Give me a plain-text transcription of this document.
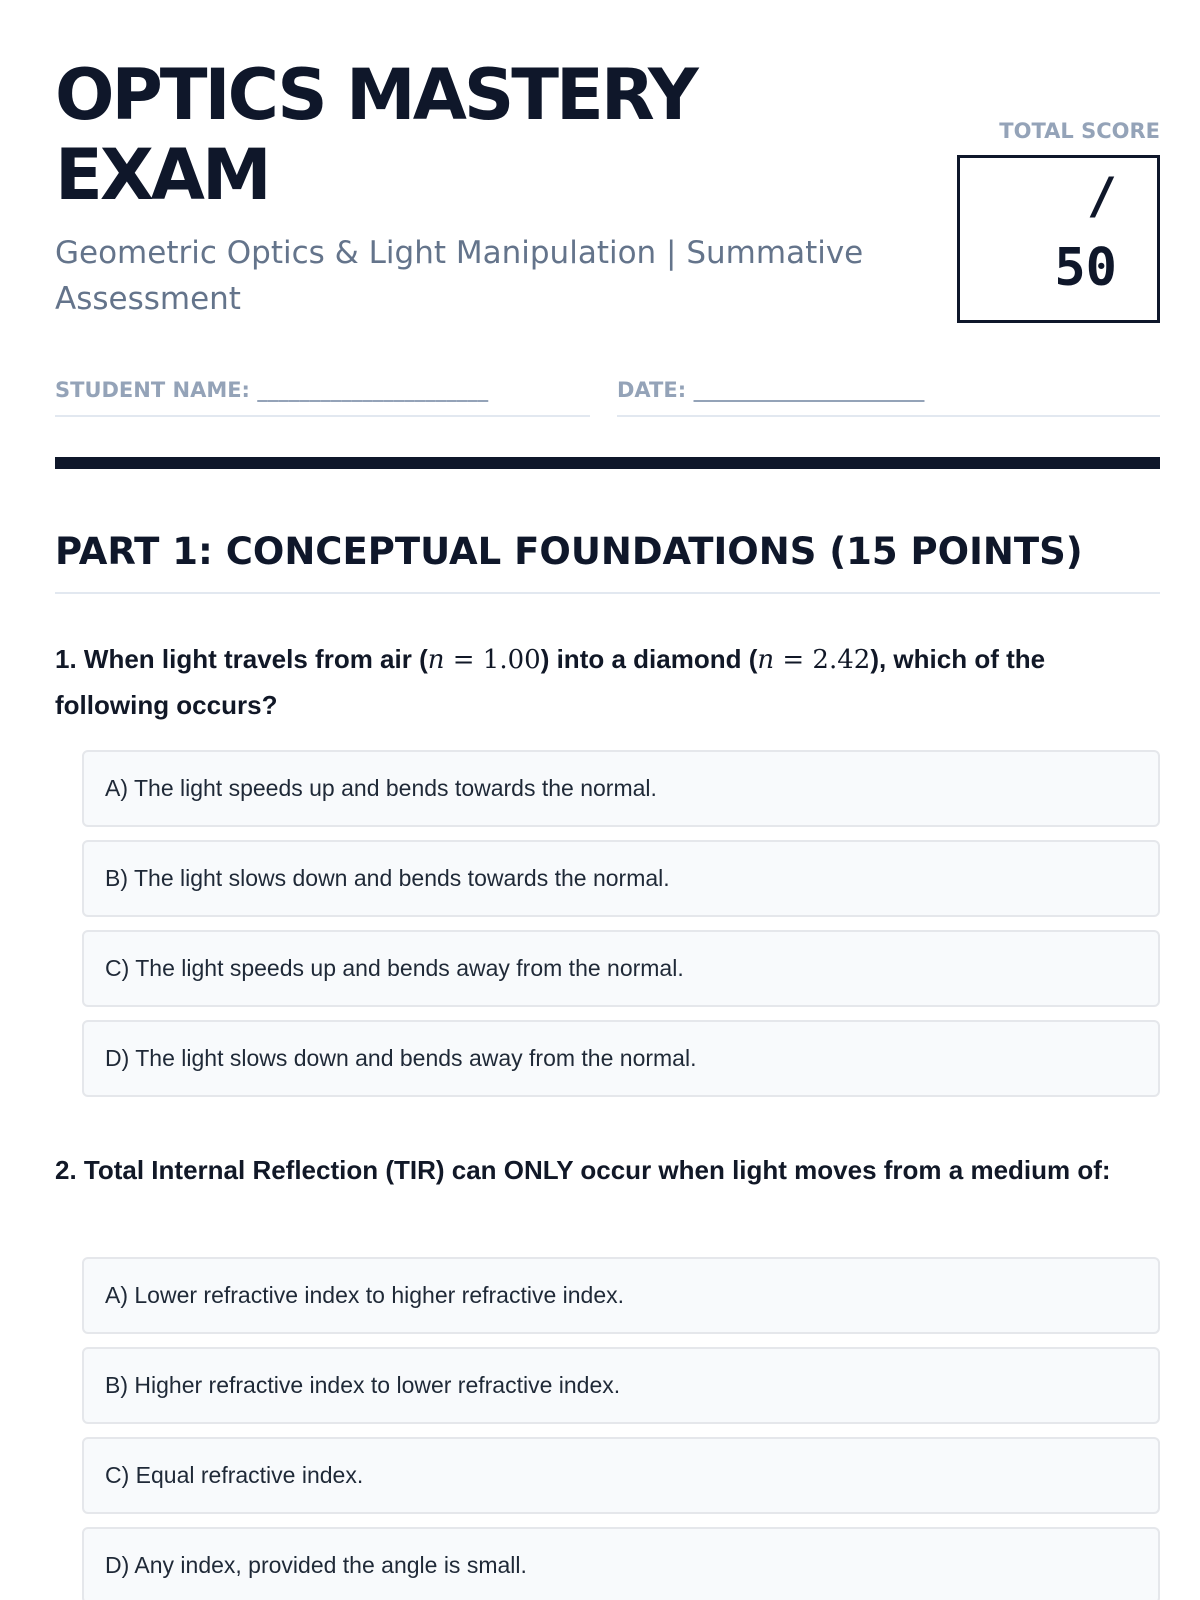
OPTICS MASTERY
EXAM
Geometric Optics & Light Manipulation | Summative Assessment
TOTAL SCORE
/
50
STUDENT NAME: ______________________	DATE: ______________________
PART 1: CONCEPTUAL FOUNDATIONS (15 POINTS)
1. When light travels from air (n = 1.00) into a diamond (n = 2.42), which of the following occurs?
A) The light speeds up and bends towards the normal.
B) The light slows down and bends towards the normal.
C) The light speeds up and bends away from the normal.
D) The light slows down and bends away from the normal.
2. Total Internal Reflection (TIR) can ONLY occur when light moves from a medium of:
A) Lower refractive index to higher refractive index.
B) Higher refractive index to lower refractive index.
C) Equal refractive index.
D) Any index, provided the angle is small.
